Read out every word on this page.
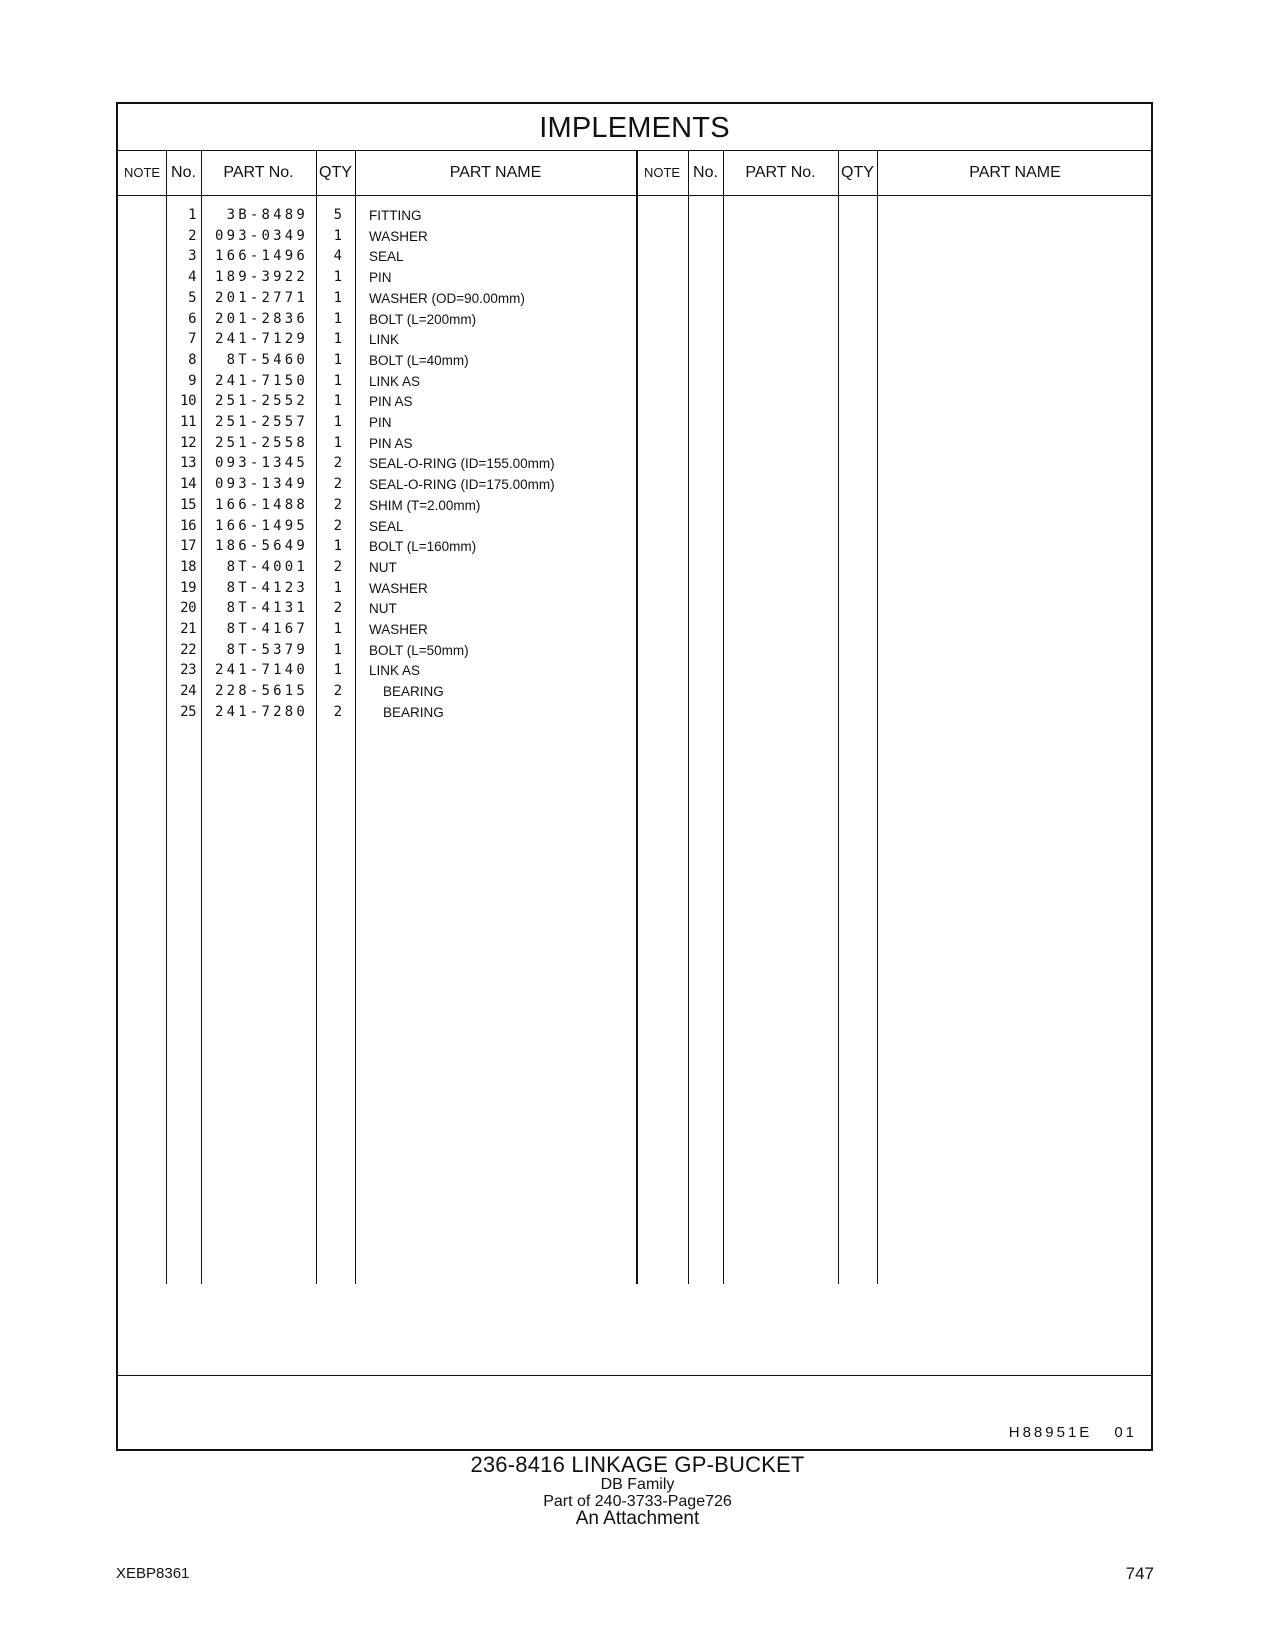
IMPLEMENTS
NOTE No.	PART No.	QTY	PART NAME	NOTE No.	PART No.	QTY	PART NAME
1	3B-8489	5 FITTING
2	093-0349	1 WASHER
3	166-1496	4 SEAL
4	189-3922	1 PIN
5	201-2771	1 WASHER (OD=90.00mm)
6	201-2836	1 BOLT (L=200mm)
7	241-7129	1 LINK
8	8T-5460	1 BOLT (L=40mm)
9	241-7150	1 LINK AS
10	251-2552	1 PIN AS
11	251-2557	1 PIN
12	251-2558	1 PIN AS
13	093-1345	2 SEAL-O-RING (ID=155.00mm)
14	093-1349	2 SEAL-O-RING (ID=175.00mm)
15	166-1488	2 SHIM (T=2.00mm)
16	166-1495	2 SEAL
17	186-5649	1 BOLT (L=160mm)
18	8T-4001	2 NUT
19	8T-4123	1 WASHER
20	8T-4131	2 NUT
21	8T-4167	1 WASHER
22	8T-5379	1 BOLT (L=50mm)
23	241-7140	1 LINK AS
24	228-5615	2	BEARING
25	241-7280	2	BEARING
H88951E 01
236-8416 LINKAGE GP-BUCKET
DB Family
Part of 240-3733-Page726
An Attachment
XEBP8361	747
